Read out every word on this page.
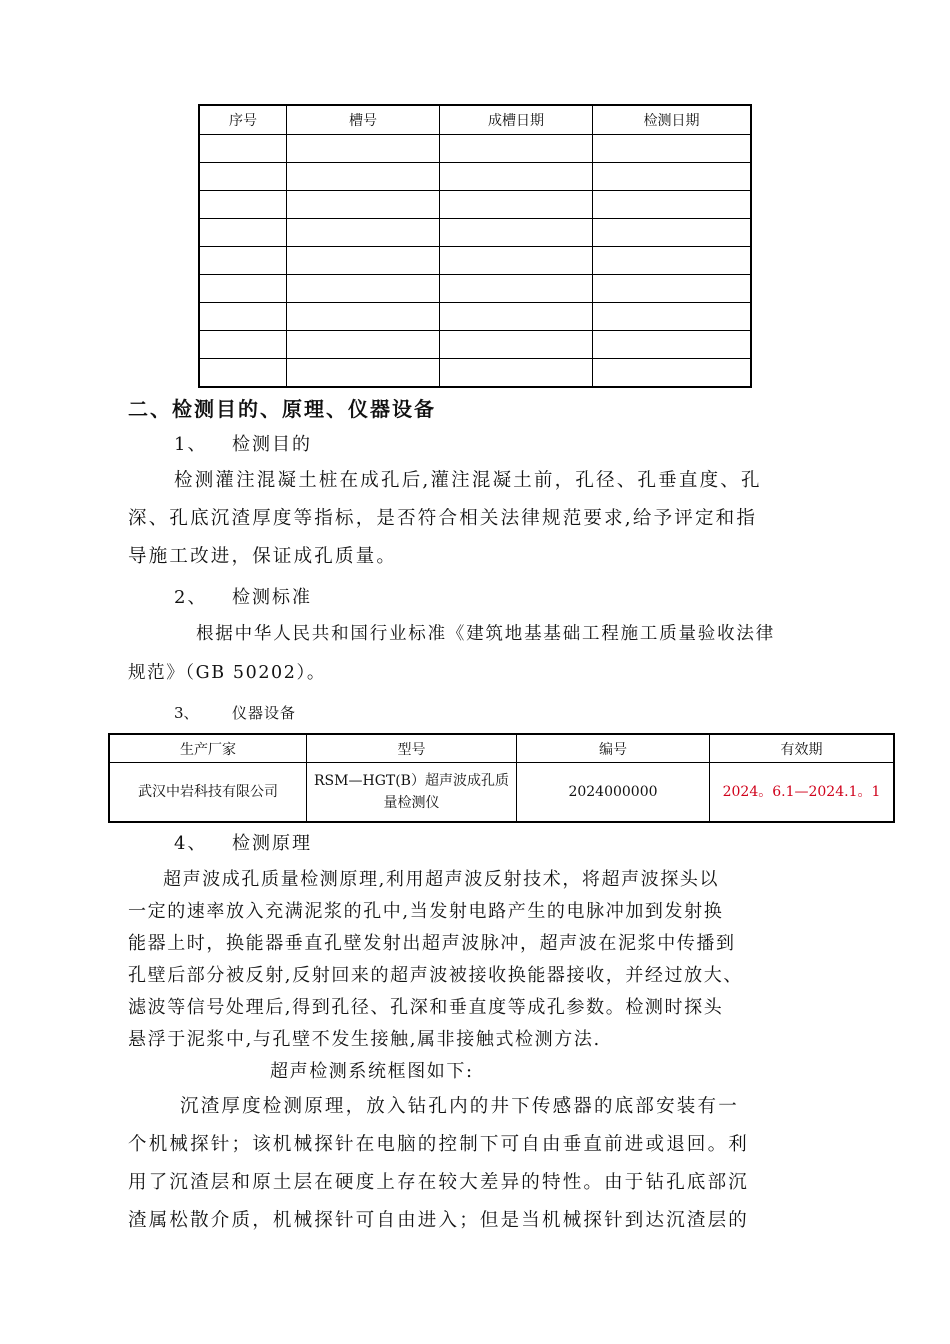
序号	槽号	成槽日期	检测日期

二、检测目的、原理、仪器设备
1、 检测目的
检测灌注混凝土桩在成孔后,灌注混凝土前，孔径、孔垂直度、孔
深、孔底沉渣厚度等指标，是否符合相关法律规范要求,给予评定和指
导施工改进，保证成孔质量。
2、 检测标准
根据中华人民共和国行业标准《建筑地基基础工程施工质量验收法律
规范》（GB 50202）。
3、 仪器设备
生产厂家	型号	编号	有效期
武汉中岩科技有限公司	RSM—HGT(B）超声波成孔质
量检测仪	2024000000	2024。6.1—2024.1。1
4、 检测原理
超声波成孔质量检测原理,利用超声波反射技术，将超声波探头以
一定的速率放入充满泥浆的孔中,当发射电路产生的电脉冲加到发射换
能器上时，换能器垂直孔壁发射出超声波脉冲，超声波在泥浆中传播到
孔壁后部分被反射,反射回来的超声波被接收换能器接收，并经过放大、
滤波等信号处理后,得到孔径、孔深和垂直度等成孔参数。检测时探头
悬浮于泥浆中,与孔壁不发生接触,属非接触式检测方法.
超声检测系统框图如下:
沉渣厚度检测原理，放入钻孔内的井下传感器的底部安装有一
个机械探针；该机械探针在电脑的控制下可自由垂直前进或退回。利
用了沉渣层和原土层在硬度上存在较大差异的特性。由于钻孔底部沉
渣属松散介质，机械探针可自由进入；但是当机械探针到达沉渣层的
